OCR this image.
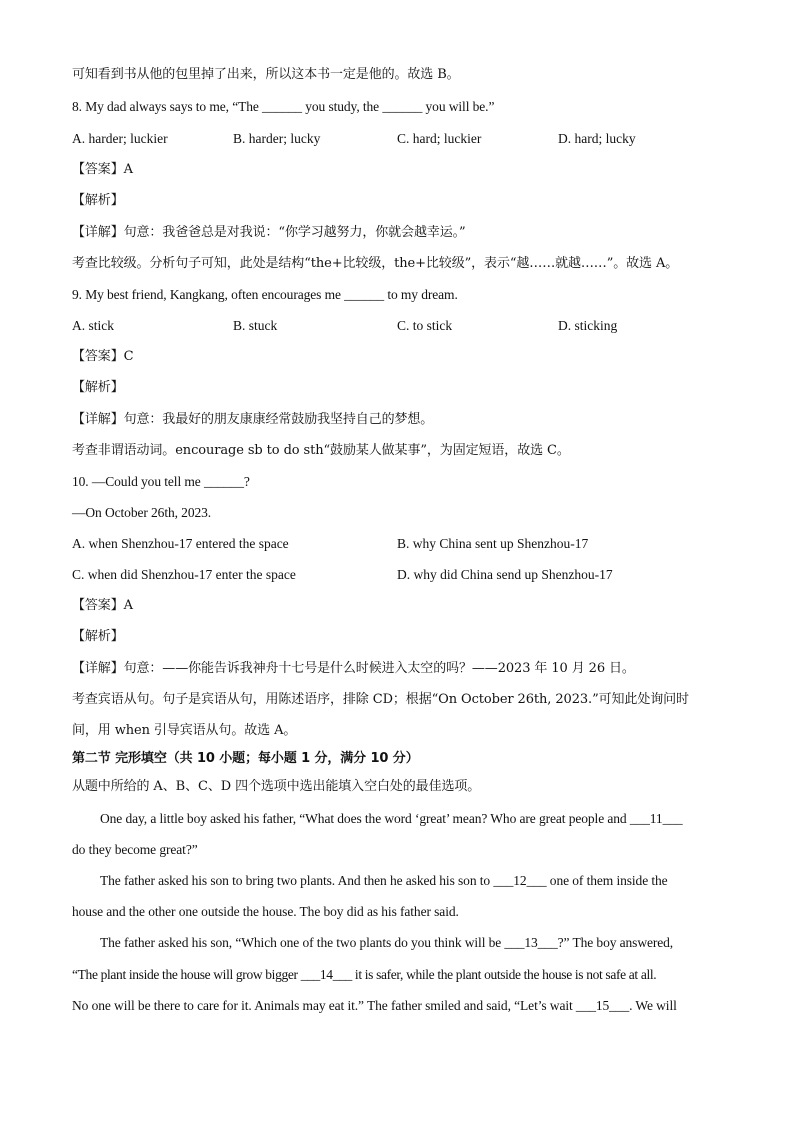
可知看到书从他的包里掉了出来，所以这本书一定是他的。故选 B。
8. My dad always says to me, “The ______ you study, the ______ you will be.”
A. harder; luckier	B. harder; lucky	C. hard; luckier	D. hard; lucky
【答案】A
【解析】
【详解】句意：我爸爸总是对我说：“你学习越努力，你就会越幸运。”
考查比较级。分析句子可知，此处是结构“the+比较级，the+比较级”，表示“越……就越……”。故选 A。
9. My best friend, Kangkang, often encourages me ______ to my dream.
A. stick	B. stuck	C. to stick	D. sticking
【答案】C
【解析】
【详解】句意：我最好的朋友康康经常鼓励我坚持自己的梦想。
考查非谓语动词。encourage sb to do sth“鼓励某人做某事”，为固定短语，故选 C。
10. —Could you tell me ______?
—On October 26th, 2023.
A. when Shenzhou-17 entered the space	B. why China sent up Shenzhou-17
C. when did Shenzhou-17 enter the space	D. why did China send up Shenzhou-17
【答案】A
【解析】
【详解】句意：——你能告诉我神舟十七号是什么时候进入太空的吗？——2023 年 10 月 26 日。
考查宾语从句。句子是宾语从句，用陈述语序，排除 CD；根据“On October 26th, 2023.”可知此处询问时
间，用 when 引导宾语从句。故选 A。
第二节 完形填空（共 10 小题；每小题 1 分，满分 10 分）
从题中所给的 A、B、C、D 四个选项中选出能填入空白处的最佳选项。
One day, a little boy asked his father, “What does the word ‘great’ mean? Who are great people and ___11___
do they become great?”
The father asked his son to bring two plants. And then he asked his son to ___12___ one of them inside the
house and the other one outside the house. The boy did as his father said.
The father asked his son, “Which one of the two plants do you think will be ___13___?” The boy answered,
“The plant inside the house will grow bigger ___14___ it is safer, while the plant outside the house is not safe at all.
No one will be there to care for it. Animals may eat it.” The father smiled and said, “Let’s wait ___15___. We will
